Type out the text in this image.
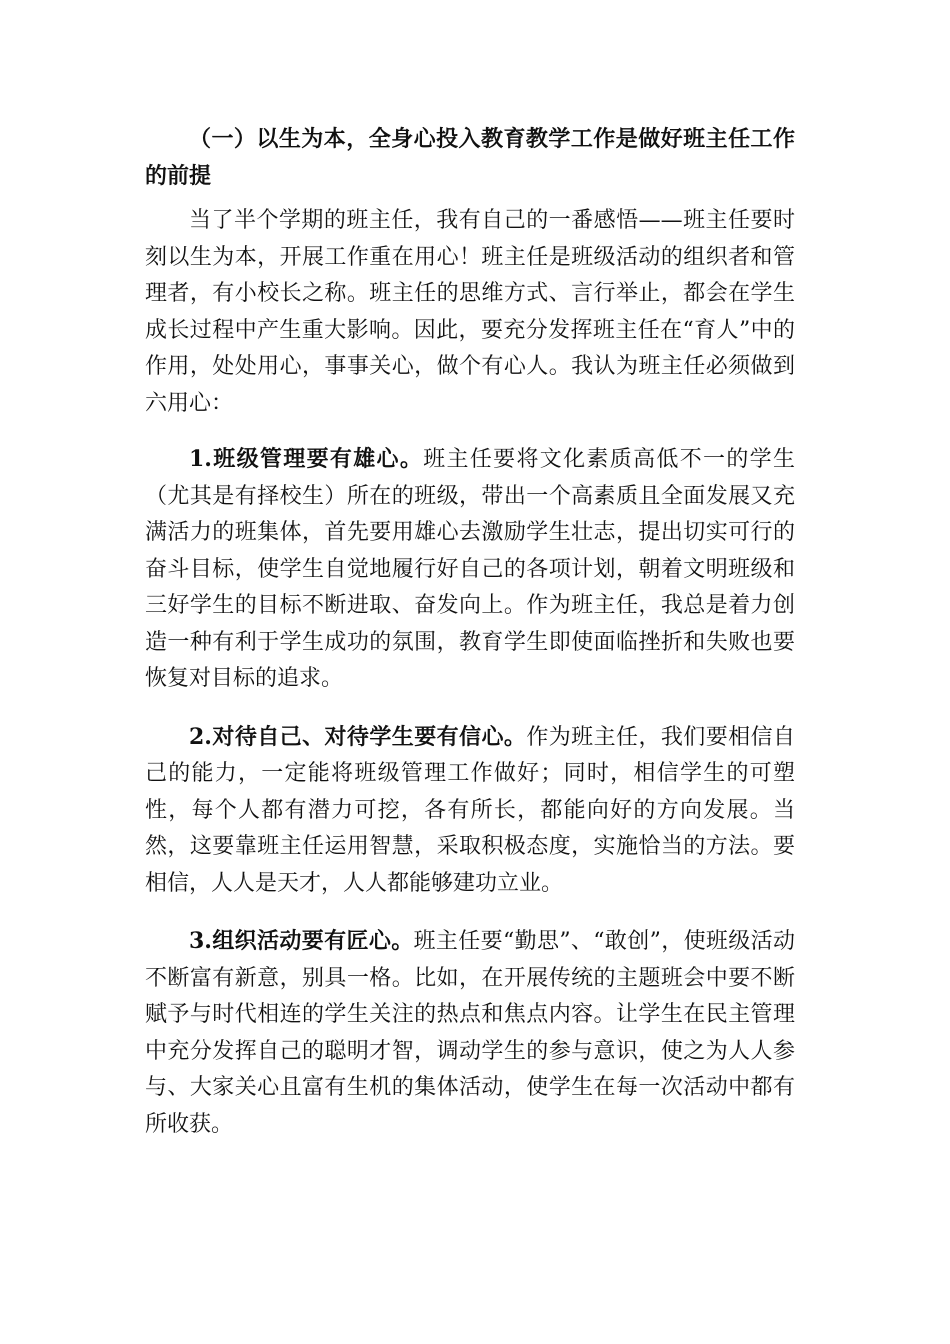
（一）以生为本，全身心投入教育教学工作是做好班主任工作的前提

当了半个学期的班主任，我有自己的一番感悟——班主任要时刻以生为本，开展工作重在用心！班主任是班级活动的组织者和管理者，有小校长之称。班主任的思维方式、言行举止，都会在学生成长过程中产生重大影响。因此，要充分发挥班主任在“育人”中的作用，处处用心，事事关心，做个有心人。我认为班主任必须做到六用心：

1.班级管理要有雄心。班主任要将文化素质高低不一的学生（尤其是有择校生）所在的班级，带出一个高素质且全面发展又充满活力的班集体，首先要用雄心去激励学生壮志，提出切实可行的奋斗目标，使学生自觉地履行好自己的各项计划，朝着文明班级和三好学生的目标不断进取、奋发向上。作为班主任，我总是着力创造一种有利于学生成功的氛围，教育学生即使面临挫折和失败也要恢复对目标的追求。

2.对待自己、对待学生要有信心。作为班主任，我们要相信自己的能力，一定能将班级管理工作做好；同时，相信学生的可塑性，每个人都有潜力可挖，各有所长，都能向好的方向发展。当然，这要靠班主任运用智慧，采取积极态度，实施恰当的方法。要相信，人人是天才，人人都能够建功立业。

3.组织活动要有匠心。班主任要“勤思”、“敢创”，使班级活动不断富有新意，别具一格。比如，在开展传统的主题班会中要不断赋予与时代相连的学生关注的热点和焦点内容。让学生在民主管理中充分发挥自己的聪明才智，调动学生的参与意识，使之为人人参与、大家关心且富有生机的集体活动，使学生在每一次活动中都有所收获。
